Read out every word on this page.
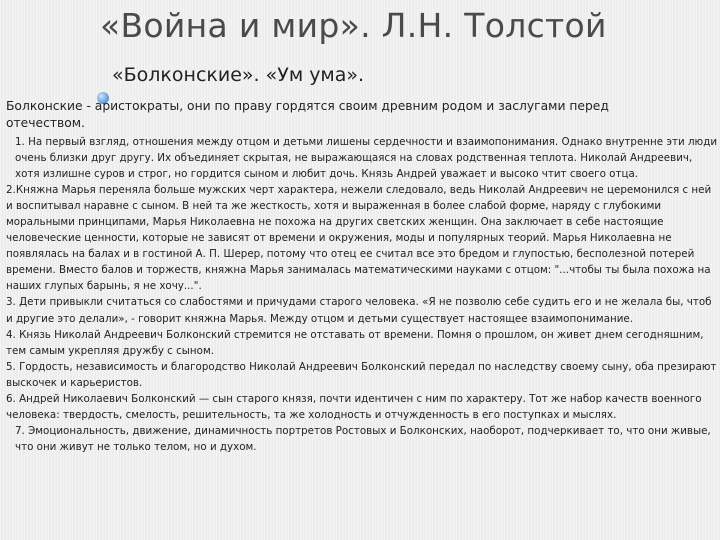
«Война и мир». Л.Н. Толстой
«Болконские». «Ум ума».
Болконские - аристократы, они по праву гордятся своим древним родом и заслугами перед отечеством.

1. На первый взгляд, отношения между отцом и детьми лишены сердечности и взаимопонимания. Однако внутренне эти люди очень близки друг другу. Их объединяет скрытая, не выражающаяся на словах родственная теплота. Николай Андреевич, хотя излишне суров и строг, но гордится сыном и любит дочь. Князь Андрей уважает и высоко чтит своего отца.

2.Княжна Марья переняла больше мужских черт характера, нежели следовало, ведь Николай Андреевич не церемонился с ней и воспитывал наравне с сыном. В ней та же жесткость, хотя и выраженная в более слабой форме, наряду с глубокими моральными принципами, Марья Николаевна не похожа на других светских женщин. Она заключает в себе настоящие человеческие ценности, которые не зависят от времени и окружения, моды и популярных теорий. Марья Николаевна не появлялась на балах и в гостиной А. П. Шерер, потому что отец ее считал все это бредом и глупостью, бесполезной потерей времени. Вместо балов и торжеств, княжна Марья занималась математическими науками с отцом: "...чтобы ты была похожа на наших глупых барынь, я не хочу...".

3. Дети привыкли считаться со слабостями и причудами старого человека. «Я не позволю себе судить его и не желала бы, чтоб и другие это делали», - говорит княжна Марья. Между отцом и детьми существует настоящее взаимопонимание.

4. Князь Николай Андреевич Болконский стремится не отставать от времени. Помня о прошлом, он живет днем сегодняшним, тем самым укрепляя дружбу с сыном.

5. Гордость, независимость и благородство Николай Андреевич Болконский передал по наследству своему сыну, оба презирают выскочек и карьеристов.

6. Андрей Николаевич Болконский — сын старого князя, почти идентичен с ним по характеру. Тот же набор качеств военного человека: твердость, смелость, решительность, та же холодность и отчужденность в его поступках и мыслях.

7. Эмоциональность, движение, динамичность портретов Ростовых и Болконских, наоборот, подчеркивает то, что они живые, что они живут не только телом, но и духом.
